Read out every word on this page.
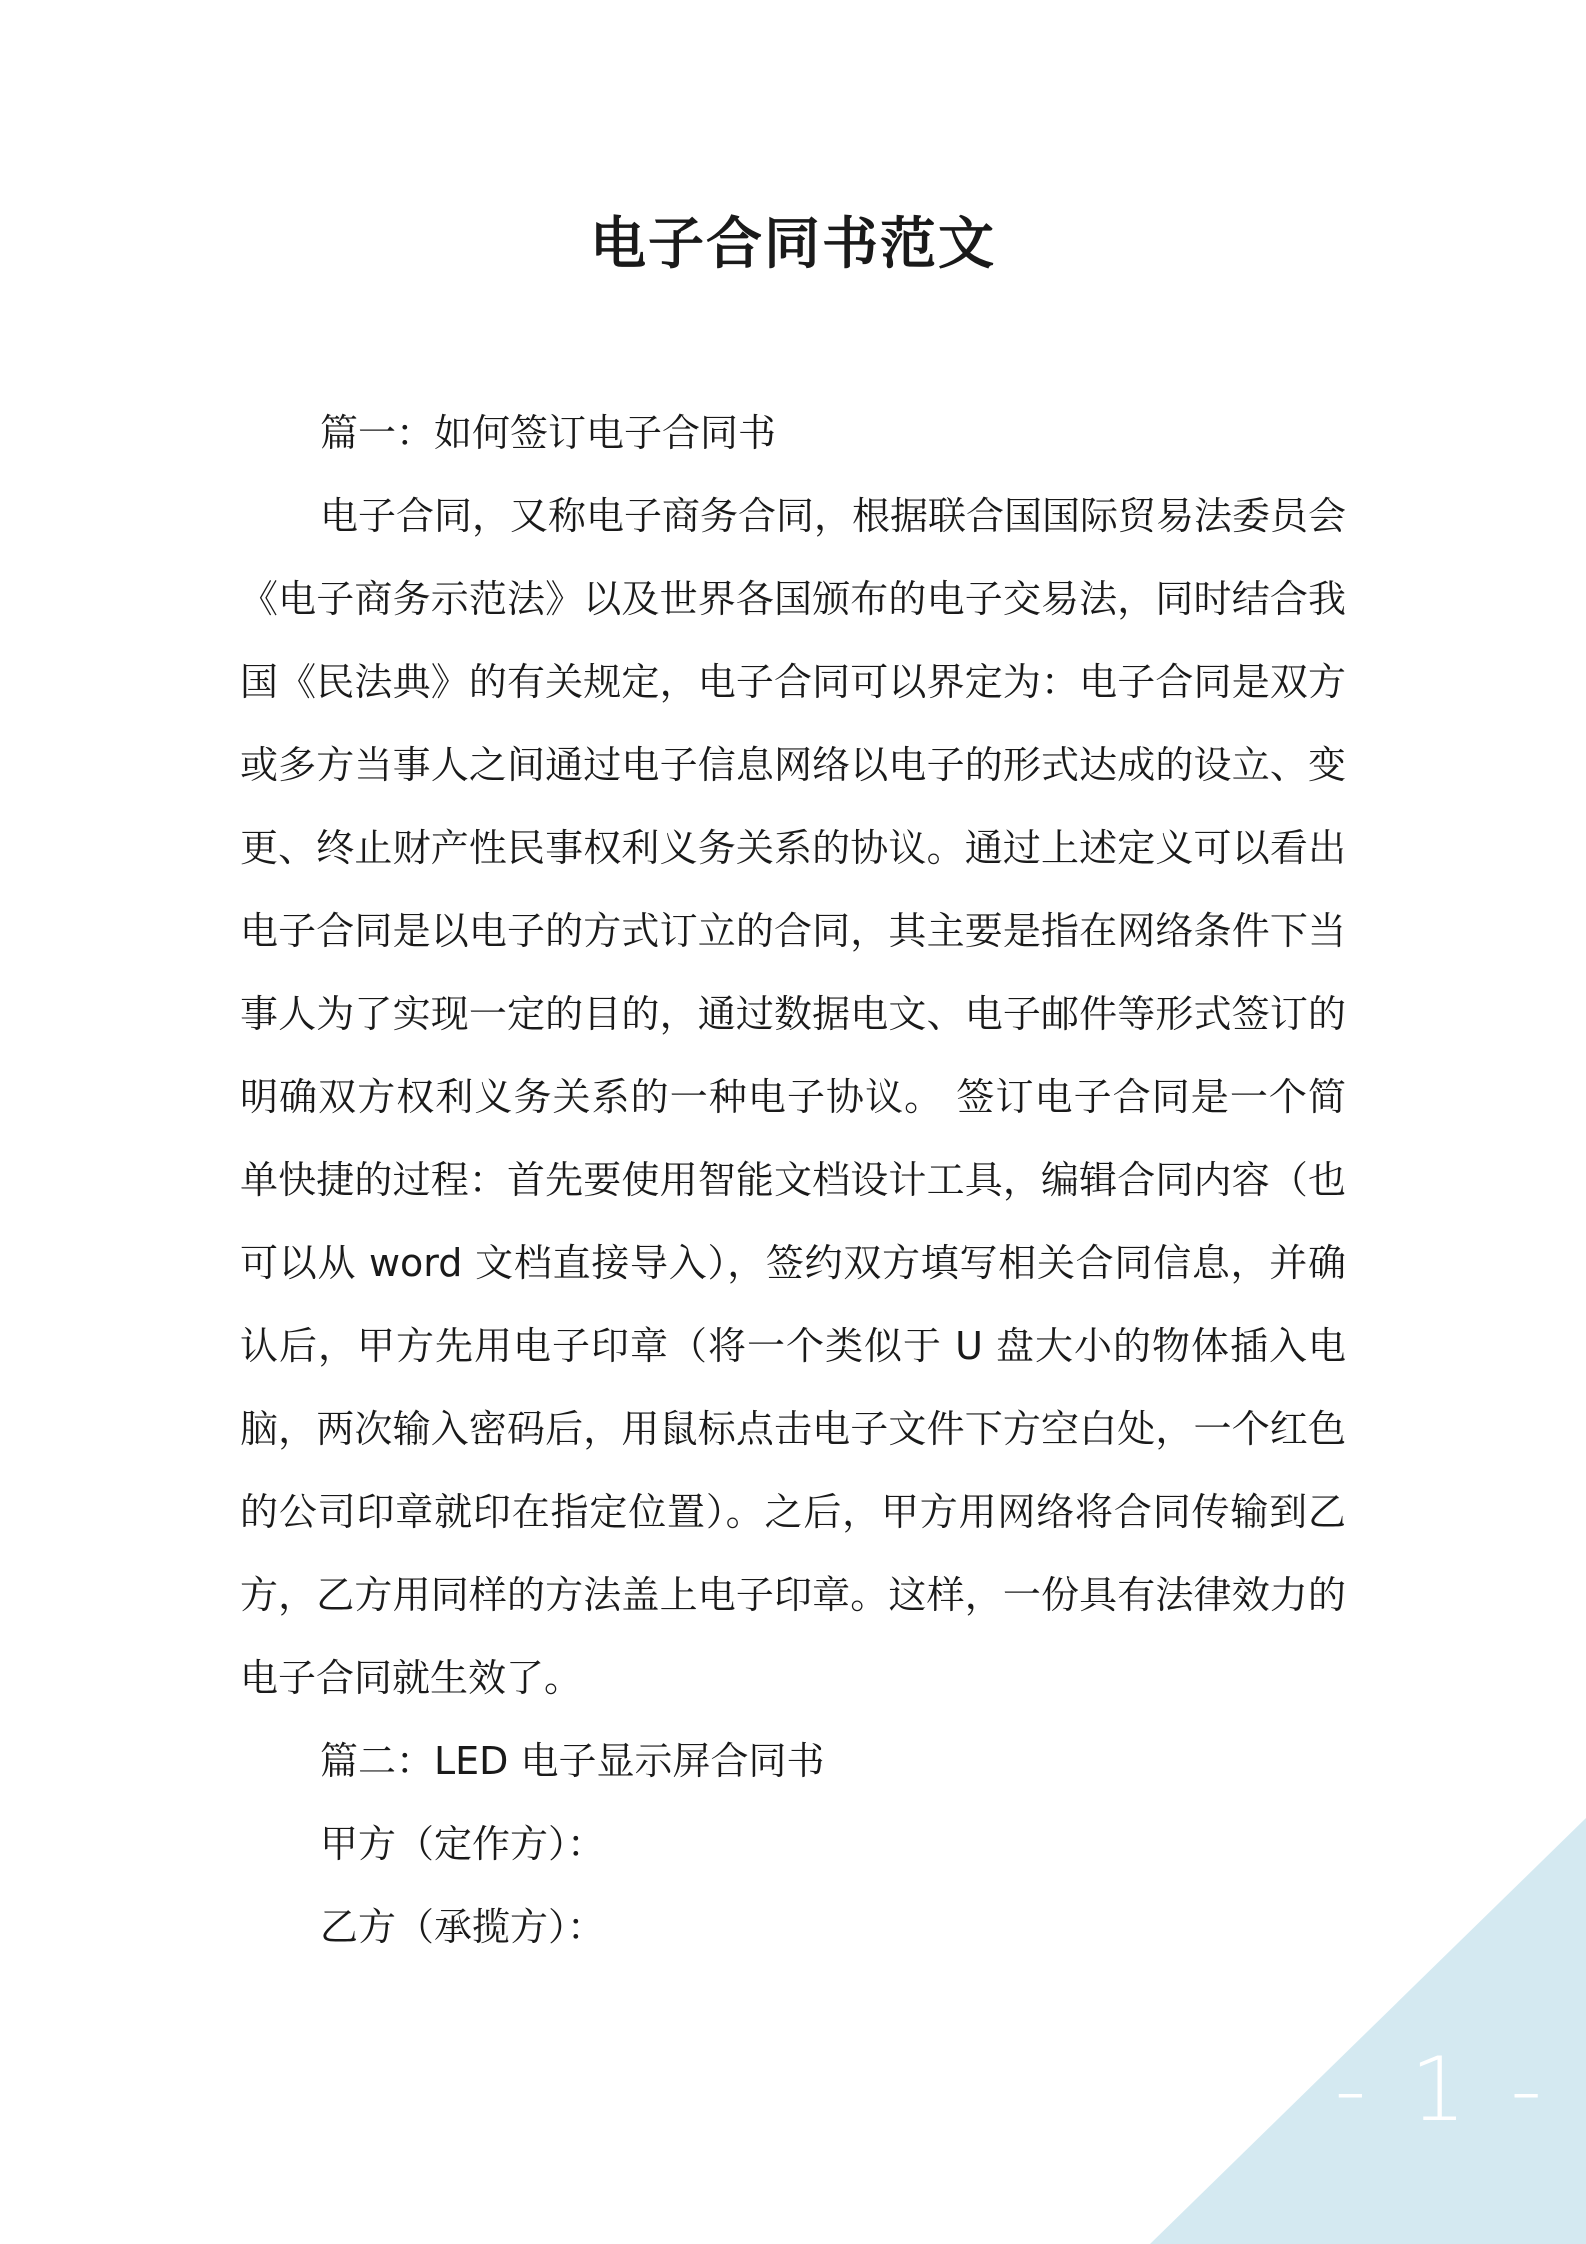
电子合同书范文

篇一：如何签订电子合同书

电子合同，又称电子商务合同，根据联合国国际贸易法委员会《电子商务示范法》以及世界各国颁布的电子交易法，同时结合我国《民法典》的有关规定，电子合同可以界定为：电子合同是双方或多方当事人之间通过电子信息网络以电子的形式达成的设立、变更、终止财产性民事权利义务关系的协议。通过上述定义可以看出电子合同是以电子的方式订立的合同，其主要是指在网络条件下当事人为了实现一定的目的，通过数据电文、电子邮件等形式签订的明确双方权利义务关系的一种电子协议。 签订电子合同是一个简单快捷的过程：首先要使用智能文档设计工具，编辑合同内容（也可以从 word 文档直接导入），签约双方填写相关合同信息，并确认后，甲方先用电子印章（将一个类似于 U 盘大小的物体插入电脑，两次输入密码后，用鼠标点击电子文件下方空白处，一个红色的公司印章就印在指定位置）。之后，甲方用网络将合同传输到乙方，乙方用同样的方法盖上电子印章。这样，一份具有法律效力的电子合同就生效了。

篇二：LED 电子显示屏合同书

甲方（定作方）：

乙方（承揽方）：

- 1 -
